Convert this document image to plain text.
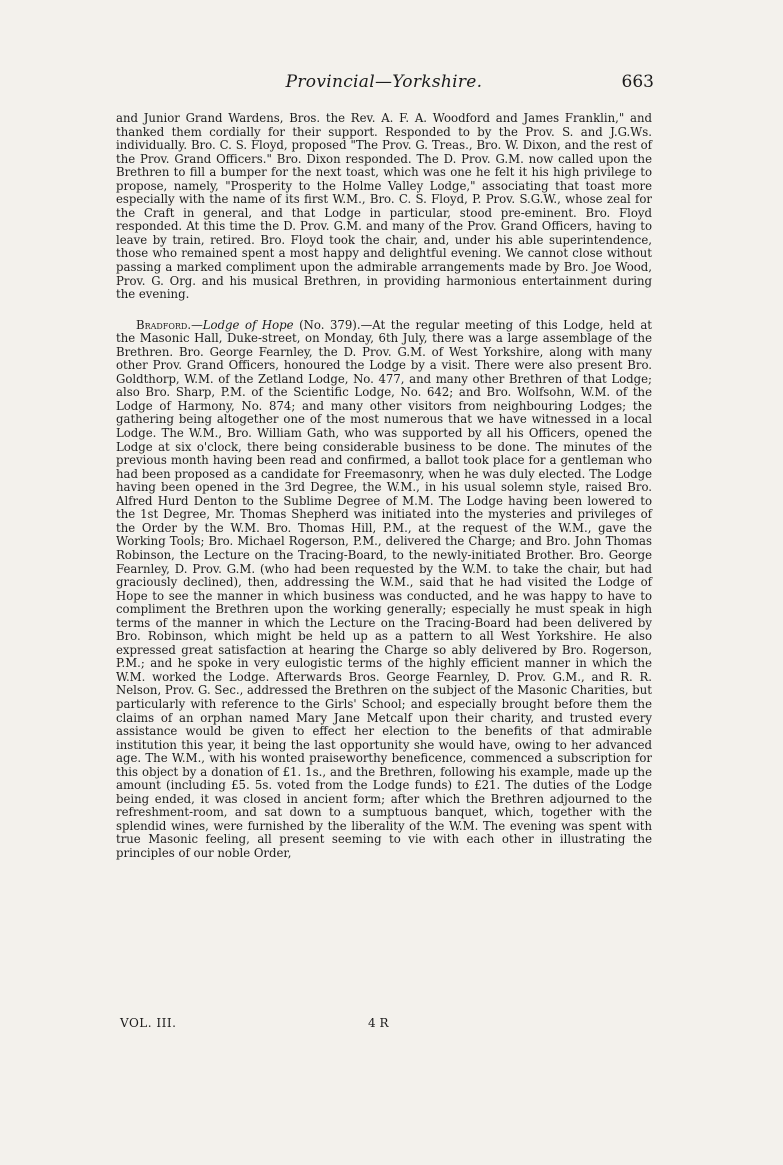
Provincial—Yorkshire.	663

and Junior Grand Wardens, Bros. the Rev. A. F. A. Woodford and James Franklin," and thanked them cordially for their support. Responded to by the Prov. S. and J.G.Ws. individually. Bro. C. S. Floyd, proposed "The Prov. G. Treas., Bro. W. Dixon, and the rest of the Prov. Grand Officers." Bro. Dixon responded. The D. Prov. G.M. now called upon the Brethren to fill a bumper for the next toast, which was one he felt it his high privilege to propose, namely, "Prosperity to the Holme Valley Lodge," associating that toast more especially with the name of its first W.M., Bro. C. S. Floyd, P. Prov. S.G.W., whose zeal for the Craft in general, and that Lodge in particular, stood pre-eminent. Bro. Floyd responded. At this time the D. Prov. G.M. and many of the Prov. Grand Officers, having to leave by train, retired. Bro. Floyd took the chair, and, under his able superintendence, those who remained spent a most happy and delightful evening. We cannot close without passing a marked compliment upon the admirable arrangements made by Bro. Joe Wood, Prov. G. Org. and his musical Brethren, in providing harmonious entertainment during the evening.

Bradford.—Lodge of Hope (No. 379).—At the regular meeting of this Lodge, held at the Masonic Hall, Duke-street, on Monday, 6th July, there was a large assemblage of the Brethren. Bro. George Fearnley, the D. Prov. G.M. of West Yorkshire, along with many other Prov. Grand Officers, honoured the Lodge by a visit. There were also present Bro. Goldthorp, W.M. of the Zetland Lodge, No. 477, and many other Brethren of that Lodge; also Bro. Sharp, P.M. of the Scientific Lodge, No. 642; and Bro. Wolfsohn, W.M. of the Lodge of Harmony, No. 874; and many other visitors from neighbouring Lodges; the gathering being altogether one of the most numerous that we have witnessed in a local Lodge. The W.M., Bro. William Gath, who was supported by all his Officers, opened the Lodge at six o'clock, there being considerable business to be done. The minutes of the previous month having been read and confirmed, a ballot took place for a gentleman who had been proposed as a candidate for Freemasonry, when he was duly elected. The Lodge having been opened in the 3rd Degree, the W.M., in his usual solemn style, raised Bro. Alfred Hurd Denton to the Sublime Degree of M.M. The Lodge having been lowered to the 1st Degree, Mr. Thomas Shepherd was initiated into the mysteries and privileges of the Order by the W.M. Bro. Thomas Hill, P.M., at the request of the W.M., gave the Working Tools; Bro. Michael Rogerson, P.M., delivered the Charge; and Bro. John Thomas Robinson, the Lecture on the Tracing-Board, to the newly-initiated Brother. Bro. George Fearnley, D. Prov. G.M. (who had been requested by the W.M. to take the chair, but had graciously declined), then, addressing the W.M., said that he had visited the Lodge of Hope to see the manner in which business was conducted, and he was happy to have to compliment the Brethren upon the working generally; especially he must speak in high terms of the manner in which the Lecture on the Tracing-Board had been delivered by Bro. Robinson, which might be held up as a pattern to all West Yorkshire. He also expressed great satisfaction at hearing the Charge so ably delivered by Bro. Rogerson, P.M.; and he spoke in very eulogistic terms of the highly efficient manner in which the W.M. worked the Lodge. Afterwards Bros. George Fearnley, D. Prov. G.M., and R. R. Nelson, Prov. G. Sec., addressed the Brethren on the subject of the Masonic Charities, but particularly with reference to the Girls' School; and especially brought before them the claims of an orphan named Mary Jane Metcalf upon their charity, and trusted every assistance would be given to effect her election to the benefits of that admirable institution this year, it being the last opportunity she would have, owing to her advanced age. The W.M., with his wonted praiseworthy beneficence, commenced a subscription for this object by a donation of £1. 1s., and the Brethren, following his example, made up the amount (including £5. 5s. voted from the Lodge funds) to £21. The duties of the Lodge being ended, it was closed in ancient form; after which the Brethren adjourned to the refreshment-room, and sat down to a sumptuous banquet, which, together with the splendid wines, were furnished by the liberality of the W.M. The evening was spent with true Masonic feeling, all present seeming to vie with each other in illustrating the principles of our noble Order,

VOL. III.	4 R
